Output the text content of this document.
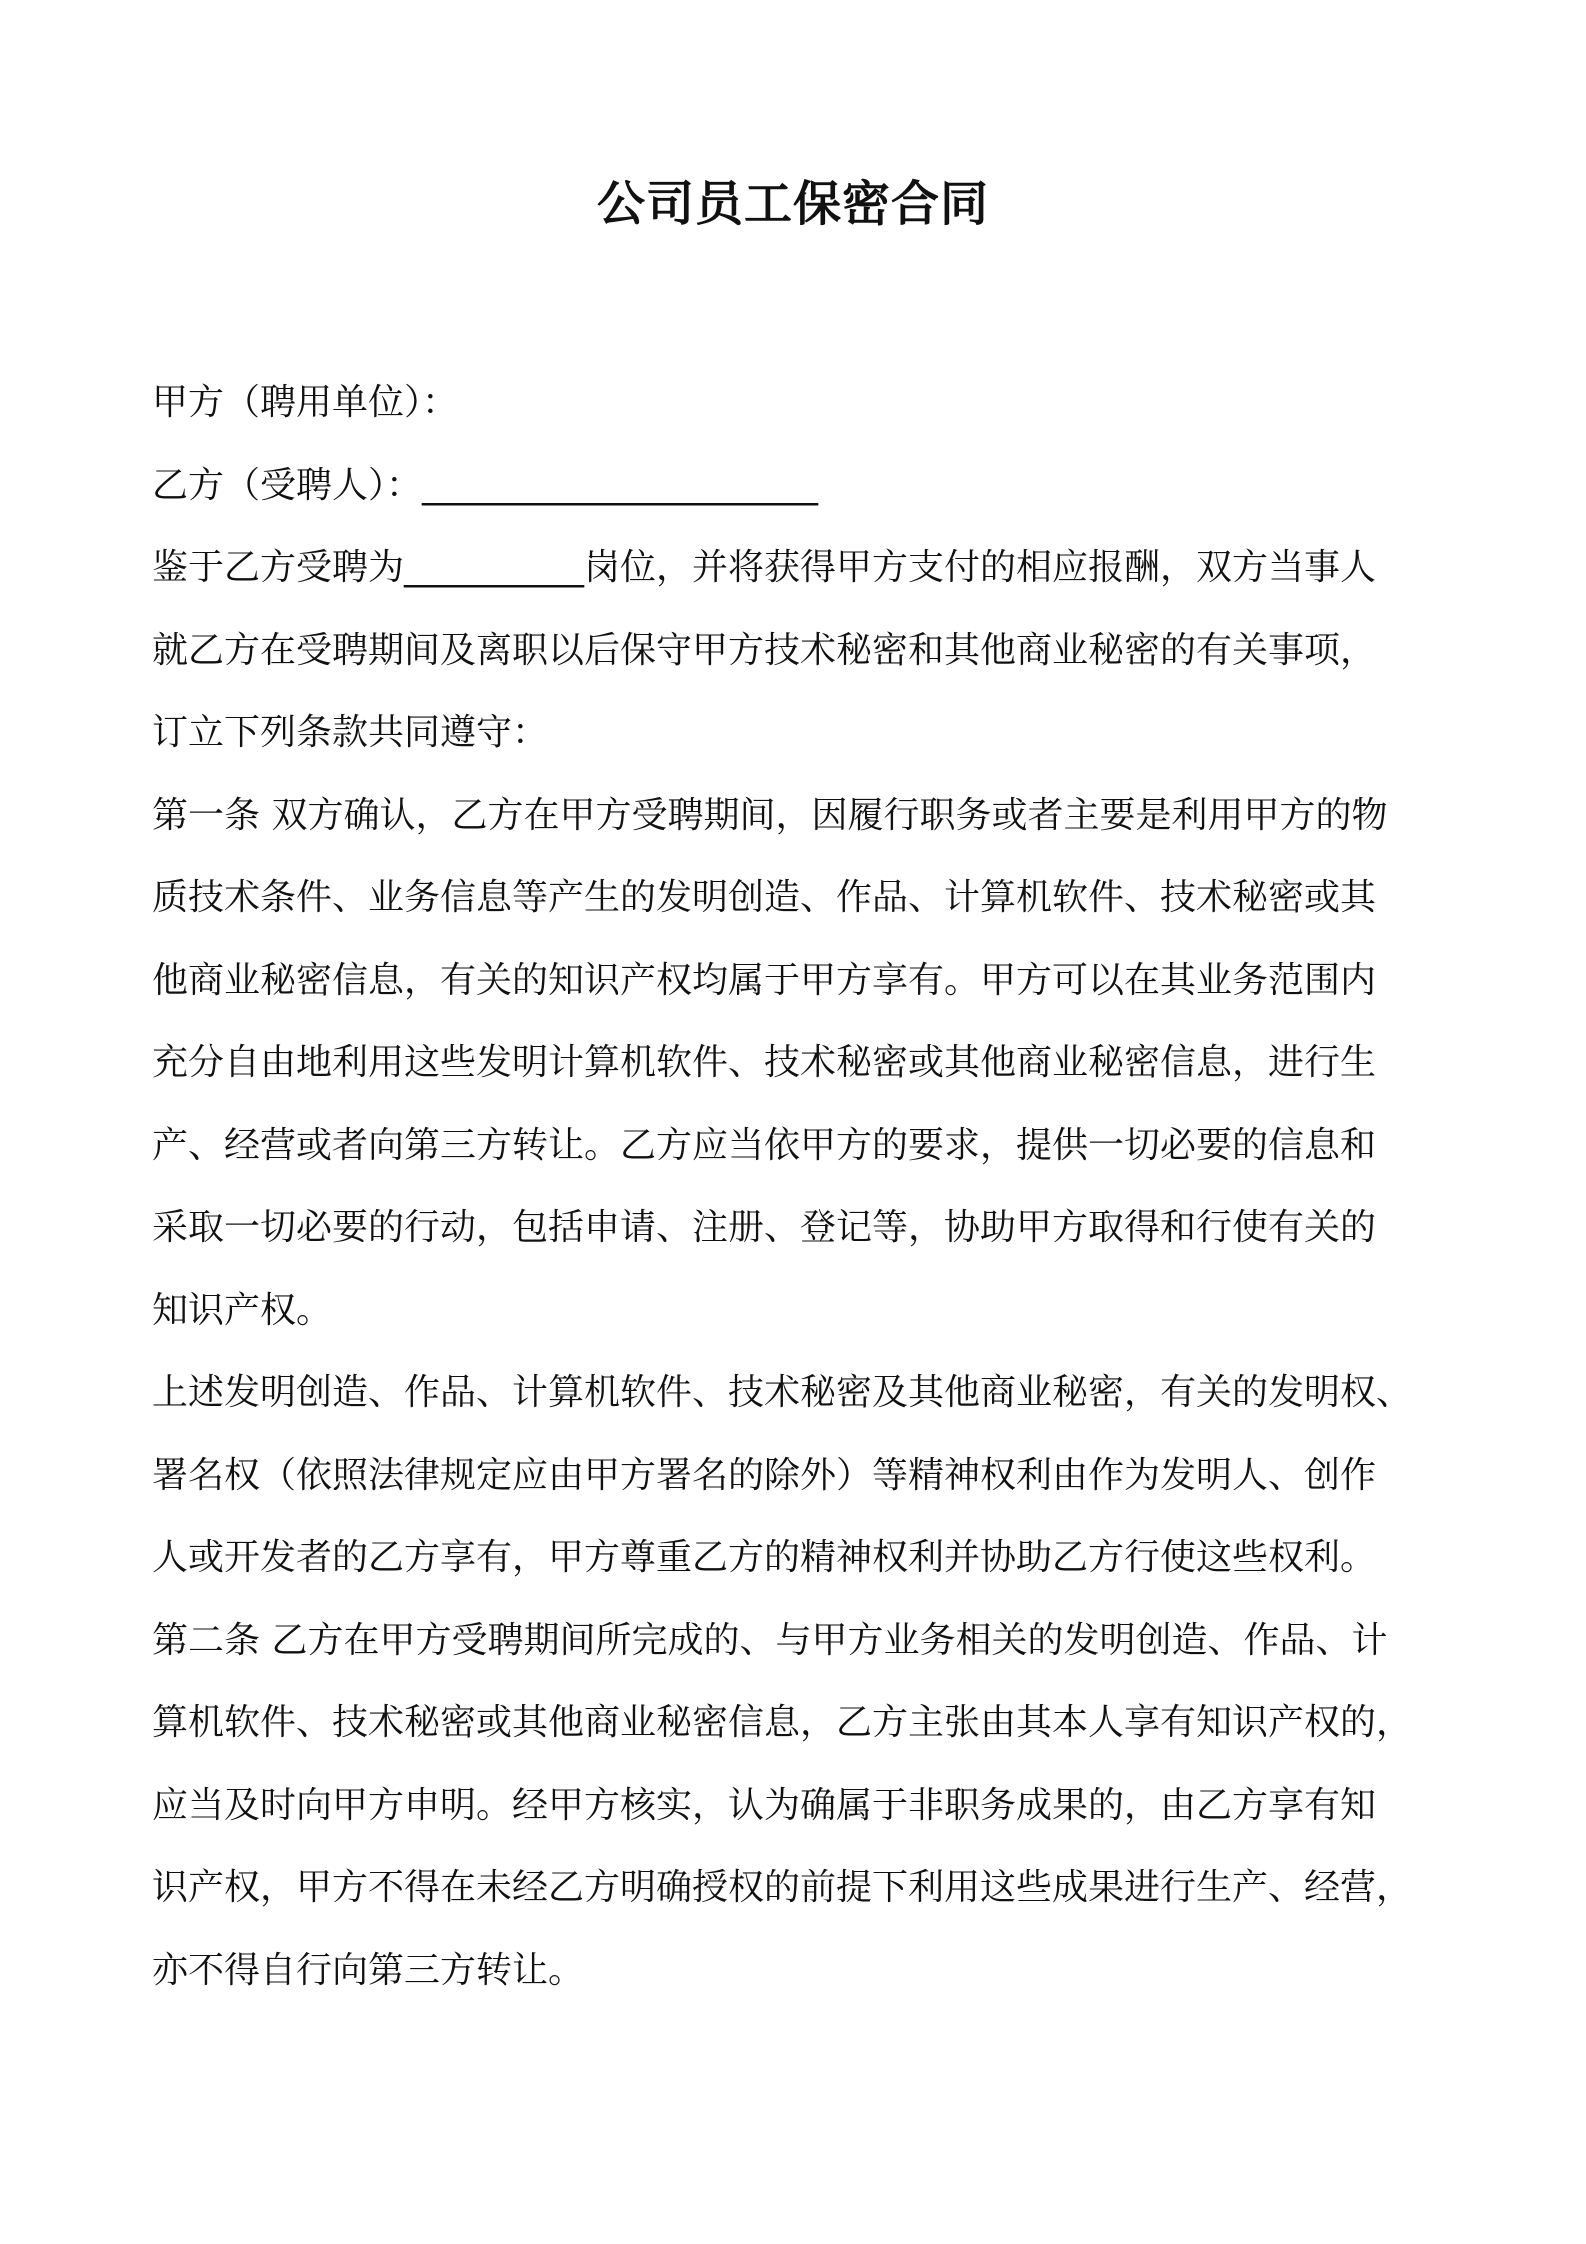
公司员工保密合同
甲方（聘用单位）：
乙方（受聘人）：______________________
鉴于乙方受聘为__________岗位，并将获得甲方支付的相应报酬，双方当事人
就乙方在受聘期间及离职以后保守甲方技术秘密和其他商业秘密的有关事项，
订立下列条款共同遵守：
第一条 双方确认，乙方在甲方受聘期间，因履行职务或者主要是利用甲方的物
质技术条件、业务信息等产生的发明创造、作品、计算机软件、技术秘密或其
他商业秘密信息，有关的知识产权均属于甲方享有。甲方可以在其业务范围内
充分自由地利用这些发明计算机软件、技术秘密或其他商业秘密信息，进行生
产、经营或者向第三方转让。乙方应当依甲方的要求，提供一切必要的信息和
采取一切必要的行动，包括申请、注册、登记等，协助甲方取得和行使有关的
知识产权。
上述发明创造、作品、计算机软件、技术秘密及其他商业秘密，有关的发明权、
署名权（依照法律规定应由甲方署名的除外）等精神权利由作为发明人、创作
人或开发者的乙方享有，甲方尊重乙方的精神权利并协助乙方行使这些权利。
第二条 乙方在甲方受聘期间所完成的、与甲方业务相关的发明创造、作品、计
算机软件、技术秘密或其他商业秘密信息，乙方主张由其本人享有知识产权的，
应当及时向甲方申明。经甲方核实，认为确属于非职务成果的，由乙方享有知
识产权，甲方不得在未经乙方明确授权的前提下利用这些成果进行生产、经营，
亦不得自行向第三方转让。
